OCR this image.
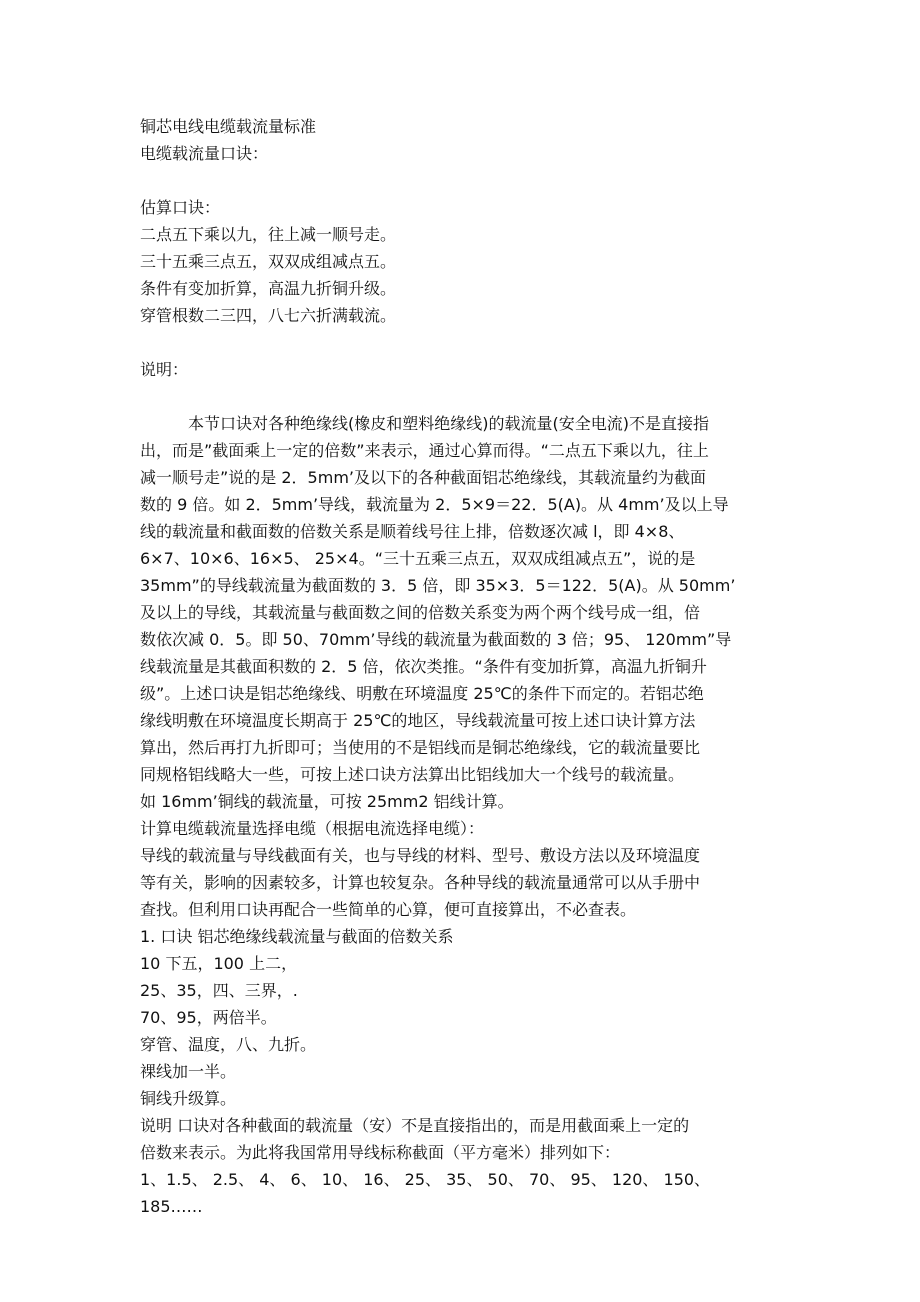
铜芯电线电缆载流量标准
电缆载流量口诀：
估算口诀：
二点五下乘以九，往上减一顺号走。
三十五乘三点五，双双成组减点五。
条件有变加折算，高温九折铜升级。
穿管根数二三四，八七六折满载流。
说明：
本节口诀对各种绝缘线(橡皮和塑料绝缘线)的载流量(安全电流)不是直接指
出，而是”截面乘上一定的倍数”来表示，通过心算而得。“二点五下乘以九，往上
减一顺号走”说的是 2．5mm’及以下的各种截面铝芯绝缘线，其载流量约为截面
数的 9 倍。如 2．5mm’导线，载流量为 2．5×9＝22．5(A)。从 4mm’及以上导
线的载流量和截面数的倍数关系是顺着线号往上排，倍数逐次减 l，即 4×8、
6×7、10×6、16×5、 25×4。“三十五乘三点五，双双成组减点五”，说的是
35mm”的导线载流量为截面数的 3．5 倍，即 35×3．5＝122．5(A)。从 50mm’
及以上的导线，其载流量与截面数之间的倍数关系变为两个两个线号成一组，倍
数依次减 0．5。即 50、70mm’导线的载流量为截面数的 3 倍；95、 120mm”导
线载流量是其截面积数的 2．5 倍，依次类推。“条件有变加折算，高温九折铜升
级”。上述口诀是铝芯绝缘线、明敷在环境温度 25℃的条件下而定的。若铝芯绝
缘线明敷在环境温度长期高于 25℃的地区，导线载流量可按上述口诀计算方法
算出，然后再打九折即可；当使用的不是铝线而是铜芯绝缘线，它的载流量要比
同规格铝线略大一些，可按上述口诀方法算出比铝线加大一个线号的载流量。
如 16mm’铜线的载流量，可按 25mm2 铝线计算。
计算电缆载流量选择电缆（根据电流选择电缆）：
导线的载流量与导线截面有关，也与导线的材料、型号、敷设方法以及环境温度
等有关，影响的因素较多，计算也较复杂。各种导线的载流量通常可以从手册中
查找。但利用口诀再配合一些简单的心算，便可直接算出，不必查表。
1. 口诀 铝芯绝缘线载流量与截面的倍数关系
10 下五，100 上二，
25、35，四、三界，.
70、95，两倍半。
穿管、温度，八、九折。
裸线加一半。
铜线升级算。
说明 口诀对各种截面的载流量（安）不是直接指出的，而是用截面乘上一定的
倍数来表示。为此将我国常用导线标称截面（平方毫米）排列如下：
1、1.5、 2.5、 4、 6、 10、 16、 25、 35、 50、 70、 95、 120、 150、
185……
